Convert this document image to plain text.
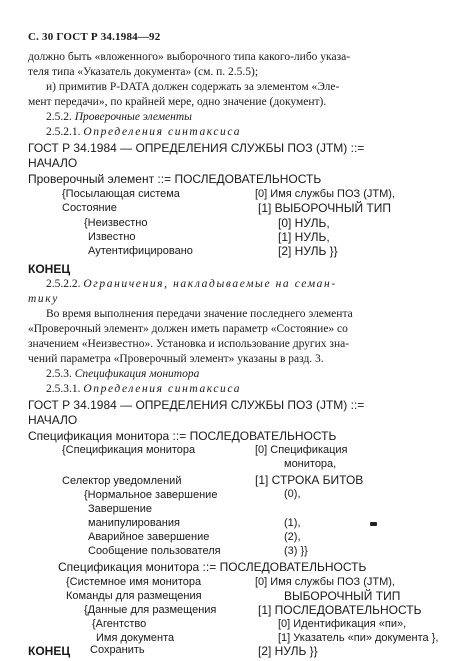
С. 30 ГОСТ Р 34.1984—92
должно быть «вложенного» выборочного типа какого-либо указа-
теля типа «Указатель документа» (см. п. 2.5.5);
и) примитив P-DATA должен содержать за элементом «Эле-
мент передачи», по крайней мере, одно значение (документ).
2.5.2. Проверочные элементы
2.5.2.1. Определения синтаксиса
ГОСТ Р 34.1984 — ОПРЕДЕЛЕНИЯ СЛУЖБЫ ПОЗ (JTM) ::=
НАЧАЛО
Проверочный элемент ::= ПОСЛЕДОВАТЕЛЬНОСТЬ
{Посылающая система	[0] Имя службы ПОЗ (JTM),
Состояние	[1] ВЫБОРОЧНЫЙ ТИП
{Неизвестно	[0] НУЛЬ,
Известно	[1] НУЛЬ,
Аутентифицировано	[2] НУЛЬ }}
КОНЕЦ
2.5.2.2. Ограничения, накладываемые на семан-
тику
Во время выполнения передачи значение последнего элемента
«Проверочный элемент» должен иметь параметр «Состояние» со
значением «Неизвестно». Установка и использование других зна-
чений параметра «Проверочный элемент» указаны в разд. 3.
2.5.3. Спецификация монитора
2.5.3.1. Определения синтаксиса
ГОСТ Р 34.1984 — ОПРЕДЕЛЕНИЯ СЛУЖБЫ ПОЗ (JTM) ::=
НАЧАЛО
Спецификация монитора ::= ПОСЛЕДОВАТЕЛЬНОСТЬ
{Спецификация монитора	[0] Спецификация
монитора,
Селектор уведомлений	[1] СТРОКА БИТОВ
{Нормальное завершение	(0),
Завершение
манипулирования	(1),
Аварийное завершение	(2),
Сообщение пользователя	(3) }}
Спецификация монитора ::= ПОСЛЕДОВАТЕЛЬНОСТЬ
{Системное имя монитора	[0] Имя службы ПОЗ (JTM),
Команды для размещения	ВЫБОРОЧНЫЙ ТИП
{Данные для размещения	[1] ПОСЛЕДОВАТЕЛЬНОСТЬ
{Агентство	[0] Идентификация «пи»,
Имя документа	[1] Указатель «пи» документа },
Сохранить	[2] НУЛЬ }}
КОНЕЦ
